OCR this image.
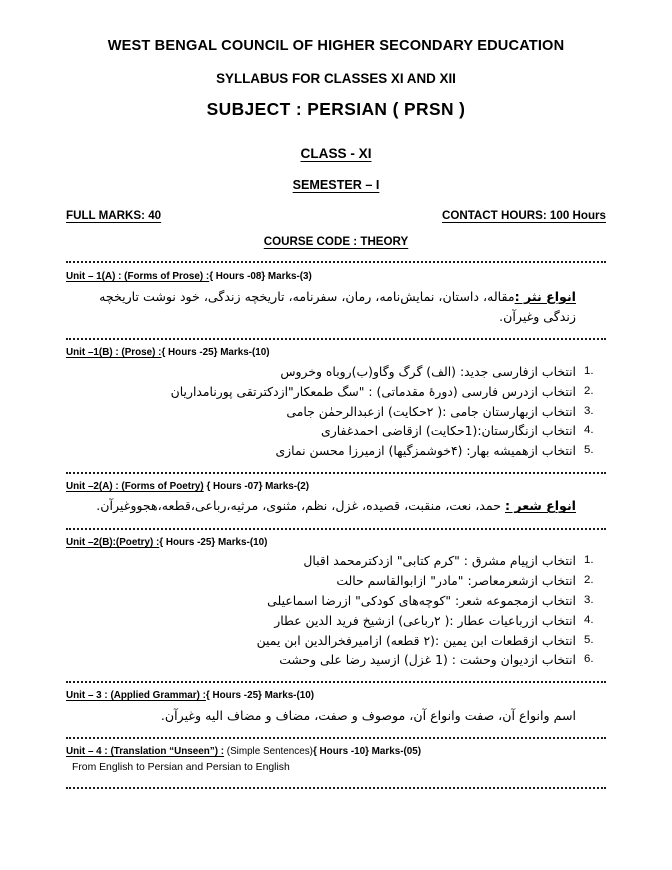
WEST BENGAL COUNCIL OF HIGHER SECONDARY EDUCATION
SYLLABUS FOR CLASSES XI AND XII
SUBJECT : PERSIAN ( PRSN )
CLASS - XI
SEMESTER – I
FULL MARKS: 40	CONTACT HOURS: 100 Hours
COURSE CODE : THEORY
Unit – 1(A) : (Forms of Prose) :{ Hours -08} Marks-(3)
انواع نثر :مقاله، داستان، نمایش‌نامه، رمان، سفرنامه، تاریخچه زندگی، خود نوشت تاریخچه زندگی وغیرآن.
Unit –1(B) : (Prose) :{ Hours -25} Marks-(10)
انتخاب ازفارسی جدید: (الف) گرگ وگاو(ب)روباه وخروس
انتخاب ازدرس فارسی (دورهٔ مقدماتی) : "سگ طمعکار"ازدکترتقی پورنامداریان
انتخاب ازبهارستان جامی :( ۲حکایت) ازعبدالرحمٰن جامی
انتخاب ازنگارستان:(1حکایت) ازقاضی احمدغفاری
انتخاب ازهمیشه بهار: (۴خوشمزگیها) ازمیرزا محسن نمازی
Unit –2(A) : (Forms of Poetry) { Hours -07} Marks-(2)
انواع شعر : حمد، نعت، منقبت، قصیده، غزل، نظم، مثنوی، مرثیه،رباعی،قطعه،هجووغیرآن.
Unit –2(B):(Poetry) :{ Hours -25} Marks-(10)
انتخاب ازپیام مشرق : "کرم کتابی" ازدکترمحمد اقبال
انتخاب ازشعرمعاصر: "مادر" ازابوالقاسم حالت
انتخاب ازمجموعه شعر: "کوچه‌های کودکی" ازرضا اسماعیلی
انتخاب ازرباعیات عطار :( ۲رباعی) ازشیخ فرید الدین عطار
انتخاب ازقطعات ابن یمین :(۲ قطعه) ازامیرفخرالدین ابن یمین
انتخاب ازدیوان وحشت : (1 غزل) ازسید رضا علی وحشت
Unit – 3 : (Applied Grammar) :{ Hours -25} Marks-(10)
اسم وانواع آن، صفت وانواع آن، موصوف و صفت، مضاف و مضاف الیه وغیرآن.
Unit – 4 : (Translation “Unseen”) : (Simple Sentences){ Hours -10} Marks-(05)
From English to Persian and Persian to English
